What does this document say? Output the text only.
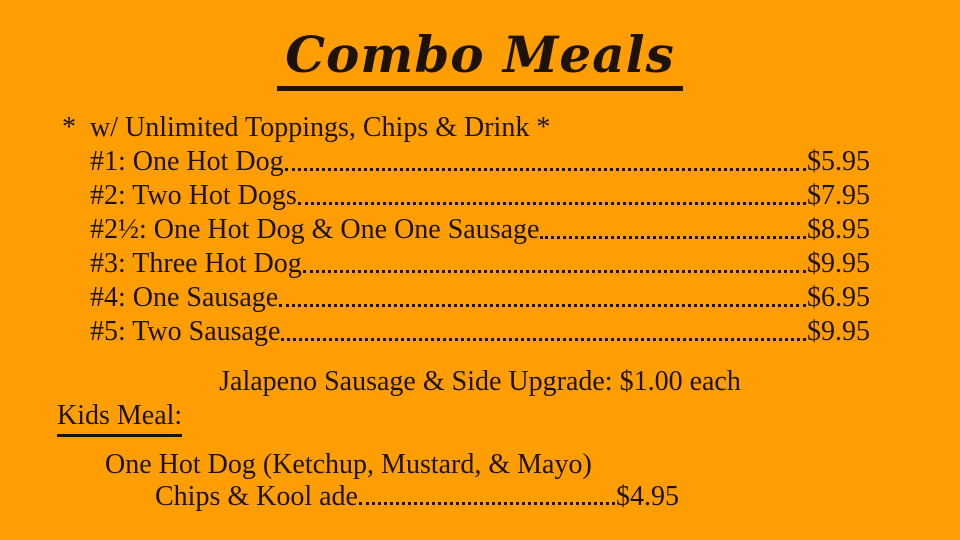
Combo Meals
* w/ Unlimited Toppings, Chips & Drink *
#1: One Hot Dog	$5.95
#2: Two Hot Dogs	$7.95
#2½: One Hot Dog & One One Sausage	$8.95
#3: Three Hot Dog	$9.95
#4: One Sausage	$6.95
#5: Two Sausage	$9.95
Jalapeno Sausage & Side Upgrade: $1.00 each
Kids Meal:
One Hot Dog (Ketchup, Mustard, & Mayo)
Chips & Kool ade	$4.95
